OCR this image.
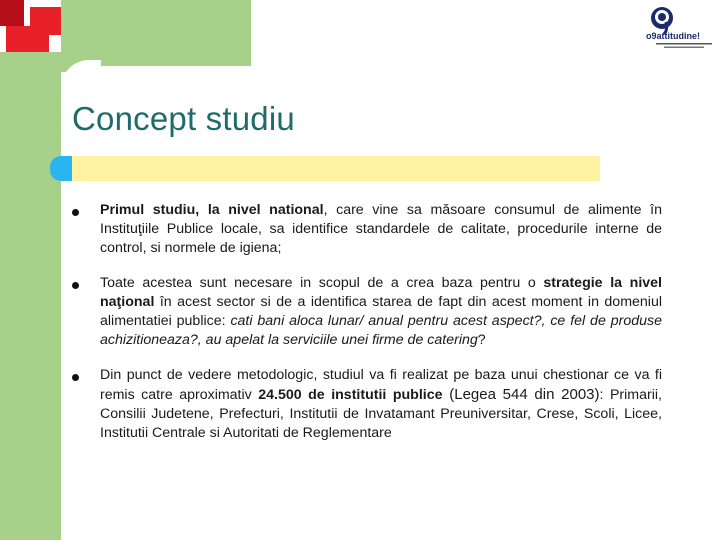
o9attitudine!
Concept studiu
Primul studiu, la nivel national, care vine sa măsoare consumul de alimente în Instituţiile Publice locale, sa identifice standardele de calitate, procedurile interne de control, si normele de igiena;
Toate acestea sunt necesare in scopul de a crea baza pentru o strategie la nivel naţional în acest sector si de a identifica starea de fapt din acest moment in domeniul alimentatiei publice: cati bani aloca lunar/ anual pentru acest aspect?, ce fel de produse achizitioneaza?, au apelat la serviciile unei firme de catering?
Din punct de vedere metodologic, studiul va fi realizat pe baza unui chestionar ce va fi remis catre aproximativ 24.500 de institutii publice (Legea 544 din 2003): Primarii, Consilii Judetene, Prefecturi, Institutii de Invatamant Preuniversitar, Crese, Scoli, Licee, Institutii Centrale si Autoritati de Reglementare
